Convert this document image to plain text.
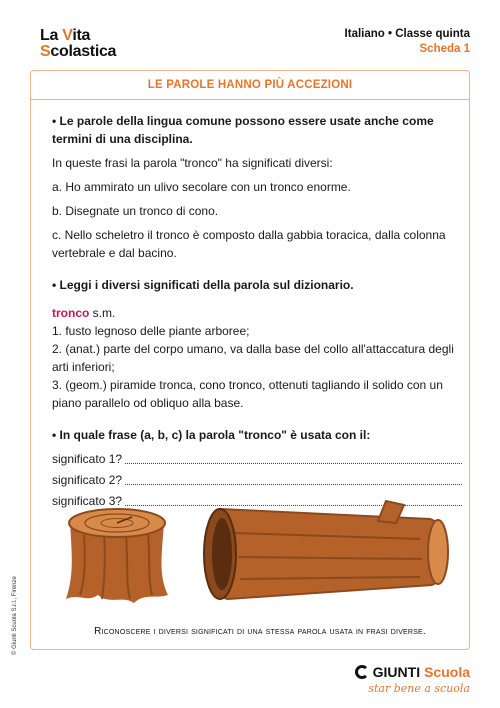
La Vita
Scolastica
Italiano • Classe quinta
Scheda 1
LE PAROLE HANNO PIÙ ACCEZIONI

• Le parole della lingua comune possono essere usate anche come termini di una disciplina.

In queste frasi la parola "tronco" ha significati diversi:

a. Ho ammirato un ulivo secolare con un tronco enorme.

b. Disegnate un tronco di cono.

c. Nello scheletro il tronco è composto dalla gabbia toracica, dalla colonna vertebrale e dal bacino.

• Leggi i diversi significati della parola sul dizionario.

tronco s.m.

1. fusto legnoso delle piante arboree;

2. (anat.) parte del corpo umano, va dalla base del collo all'attaccatura degli arti inferiori;

3. (geom.) piramide tronca, cono tronco, ottenuti tagliando il solido con un piano parallelo od obliquo alla base.

• In quale frase (a, b, c) la parola "tronco" è usata con il:

significato 1?
significato 2?
significato 3?
Riconoscere i diversi significati di una stessa parola usata in frasi diverse.
© Giunti Scuola S.r.l., Firenze
GIUNTI Scuola
star bene a scuola
